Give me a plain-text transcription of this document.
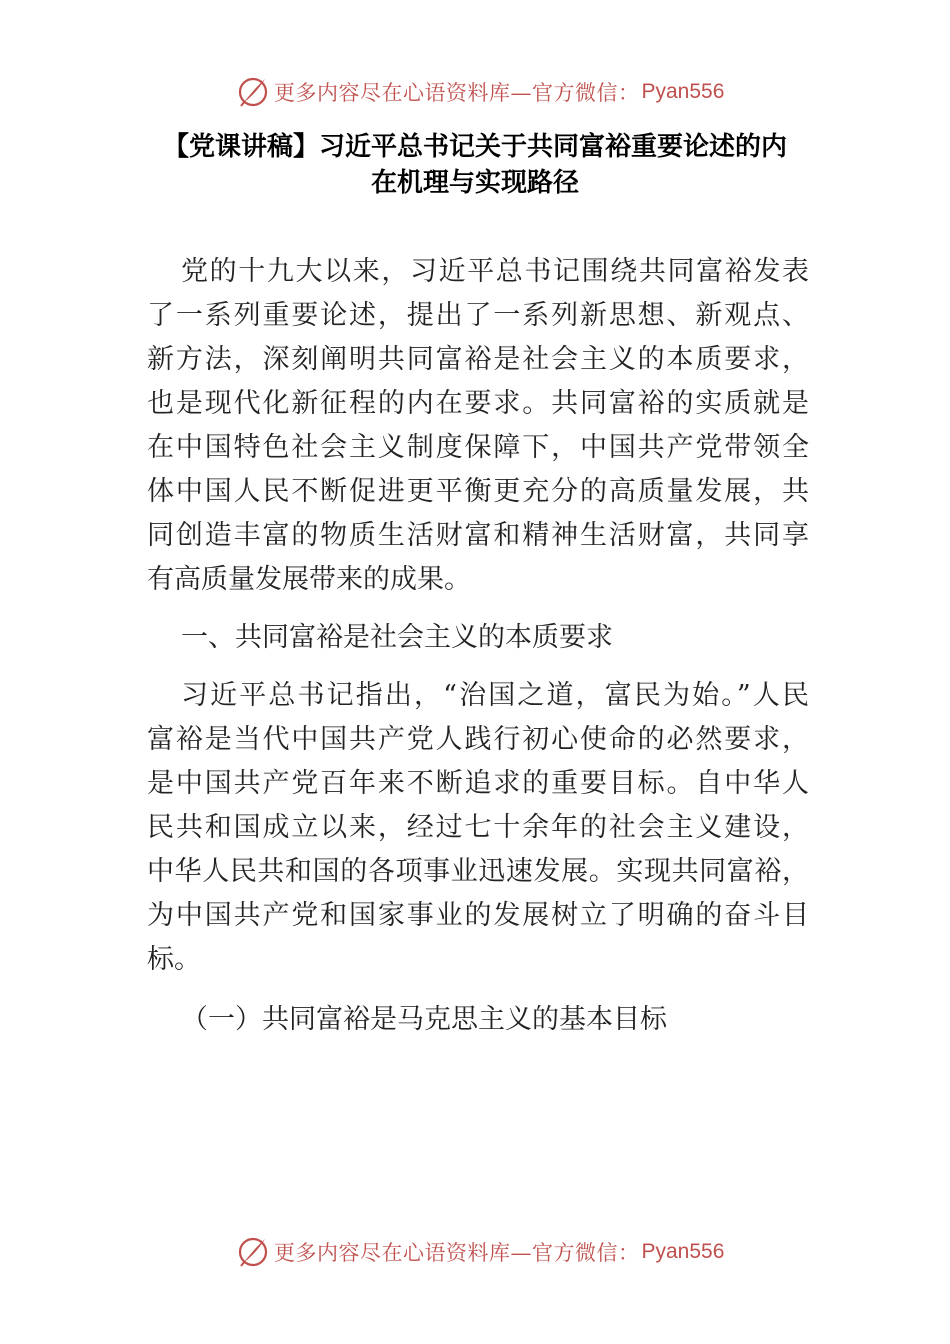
更多内容尽在心语资料库—官方微信： Pyan556
【党课讲稿】习近平总书记关于共同富裕重要论述的内
在机理与实现路径
党的十九大以来，习近平总书记围绕共同富裕发表
了一系列重要论述，提出了一系列新思想、新观点、
新方法，深刻阐明共同富裕是社会主义的本质要求，
也是现代化新征程的内在要求。共同富裕的实质就是
在中国特色社会主义制度保障下，中国共产党带领全
体中国人民不断促进更平衡更充分的高质量发展，共
同创造丰富的物质生活财富和精神生活财富，共同享
有高质量发展带来的成果。
一、共同富裕是社会主义的本质要求
习近平总书记指出，“治国之道，富民为始。”人民
富裕是当代中国共产党人践行初心使命的必然要求，
是中国共产党百年来不断追求的重要目标。自中华人
民共和国成立以来，经过七十余年的社会主义建设，
中华人民共和国的各项事业迅速发展。实现共同富裕，
为中国共产党和国家事业的发展树立了明确的奋斗目
标。
（一）共同富裕是马克思主义的基本目标
更多内容尽在心语资料库—官方微信： Pyan556
